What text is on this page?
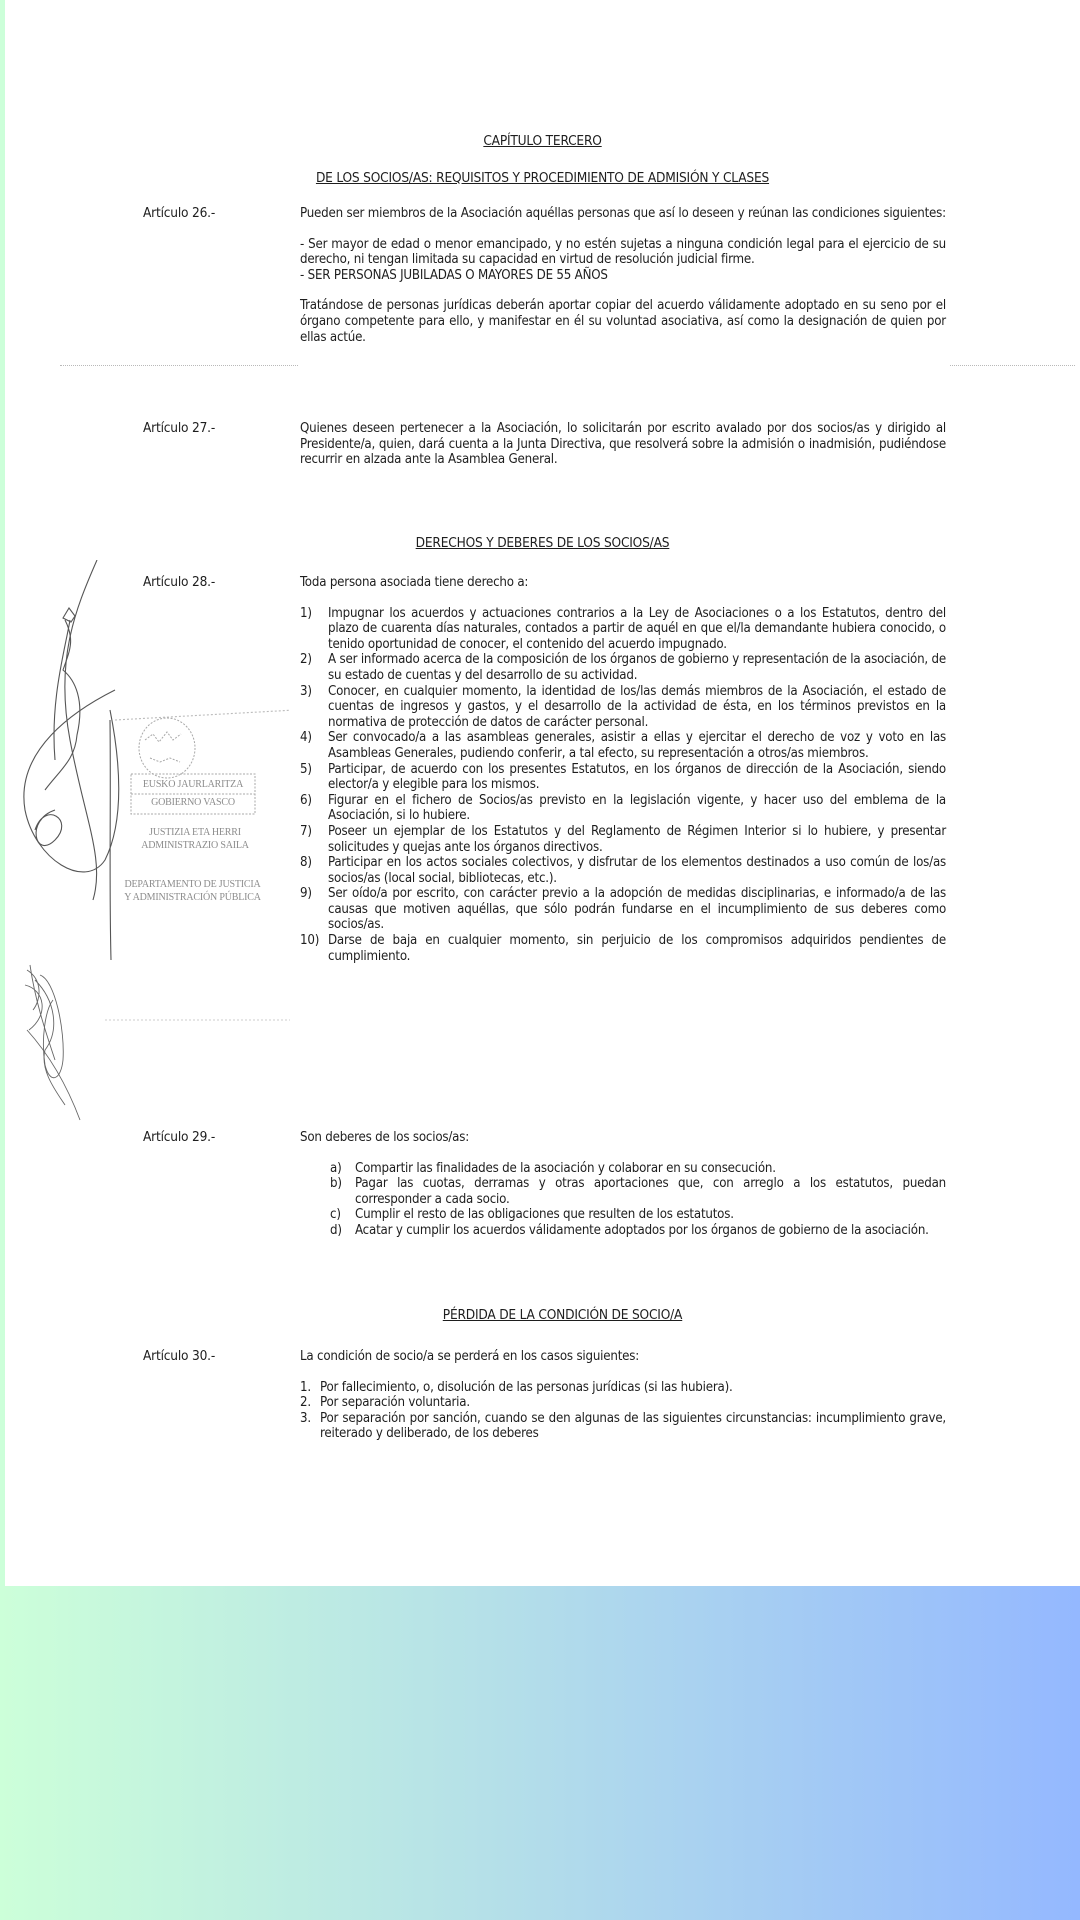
CAPÍTULO TERCERO
DE LOS SOCIOS/AS: REQUISITOS Y PROCEDIMIENTO DE ADMISIÓN Y CLASES
Artículo 26.-	Pueden ser miembros de la Asociación aquéllas personas que así lo deseen y reúnan las condiciones siguientes:

- Ser mayor de edad o menor emancipado, y no estén sujetas a ninguna condición legal para el ejercicio de su derecho, ni tengan limitada su capacidad en virtud de resolución judicial firme.

- SER PERSONAS JUBILADAS O MAYORES DE 55 AÑOS

Tratándose de personas jurídicas deberán aportar copiar del acuerdo válidamente adoptado en su seno por el órgano competente para ello, y manifestar en él su voluntad asociativa, así como la designación de quien por ellas actúe.

Artículo 27.-	Quienes deseen pertenecer a la Asociación, lo solicitarán por escrito avalado por dos socios/as y dirigido al Presidente/a, quien, dará cuenta a la Junta Directiva, que resolverá sobre la admisión o inadmisión, pudiéndose recurrir en alzada ante la Asamblea General.

DERECHOS Y DEBERES DE LOS SOCIOS/AS
Artículo 28.-	Toda persona asociada tiene derecho a:

1) Impugnar los acuerdos y actuaciones contrarios a la Ley de Asociaciones o a los Estatutos, dentro del plazo de cuarenta días naturales, contados a partir de aquél en que el/la demandante hubiera conocido, o tenido oportunidad de conocer, el contenido del acuerdo impugnado.
2) A ser informado acerca de la composición de los órganos de gobierno y representación de la asociación, de su estado de cuentas y del desarrollo de su actividad.
3) Conocer, en cualquier momento, la identidad de los/las demás miembros de la Asociación, el estado de cuentas de ingresos y gastos, y el desarrollo de la actividad de ésta, en los términos previstos en la normativa de protección de datos de carácter personal.
4) Ser convocado/a a las asambleas generales, asistir a ellas y ejercitar el derecho de voz y voto en las Asambleas Generales, pudiendo conferir, a tal efecto, su representación a otros/as miembros.
5) Participar, de acuerdo con los presentes Estatutos, en los órganos de dirección de la Asociación, siendo elector/a y elegible para los mismos.
6) Figurar en el fichero de Socios/as previsto en la legislación vigente, y hacer uso del emblema de la Asociación, si lo hubiere.
7) Poseer un ejemplar de los Estatutos y del Reglamento de Régimen Interior si lo hubiere, y presentar solicitudes y quejas ante los órganos directivos.
8) Participar en los actos sociales colectivos, y disfrutar de los elementos destinados a uso común de los/as socios/as (local social, bibliotecas, etc.).
9) Ser oído/a por escrito, con carácter previo a la adopción de medidas disciplinarias, e informado/a de las causas que motiven aquéllas, que sólo podrán fundarse en el incumplimiento de sus deberes como socios/as.
10) Darse de baja en cualquier momento, sin perjuicio de los compromisos adquiridos pendientes de cumplimiento.
Artículo 29.-	Son deberes de los socios/as:

a) Compartir las finalidades de la asociación y colaborar en su consecución.
b) Pagar las cuotas, derramas y otras aportaciones que, con arreglo a los estatutos, puedan corresponder a cada socio.
c) Cumplir el resto de las obligaciones que resulten de los estatutos.
d) Acatar y cumplir los acuerdos válidamente adoptados por los órganos de gobierno de la asociación.
PÉRDIDA DE LA CONDICIÓN DE SOCIO/A
Artículo 30.-	La condición de socio/a se perderá en los casos siguientes:

1. Por fallecimiento, o, disolución de las personas jurídicas (si las hubiera).
2. Por separación voluntaria.
3. Por separación por sanción, cuando se den algunas de las siguientes circunstancias: incumplimiento grave, reiterado y deliberado, de los deberes
EUSKO JAURLARITZA
GOBIERNO VASCO
JUSTIZIA ETA HERRI
ADMINISTRAZIO SAILA
DEPARTAMENTO DE JUSTICIA
Y ADMINISTRACIÓN PÚBLICA
